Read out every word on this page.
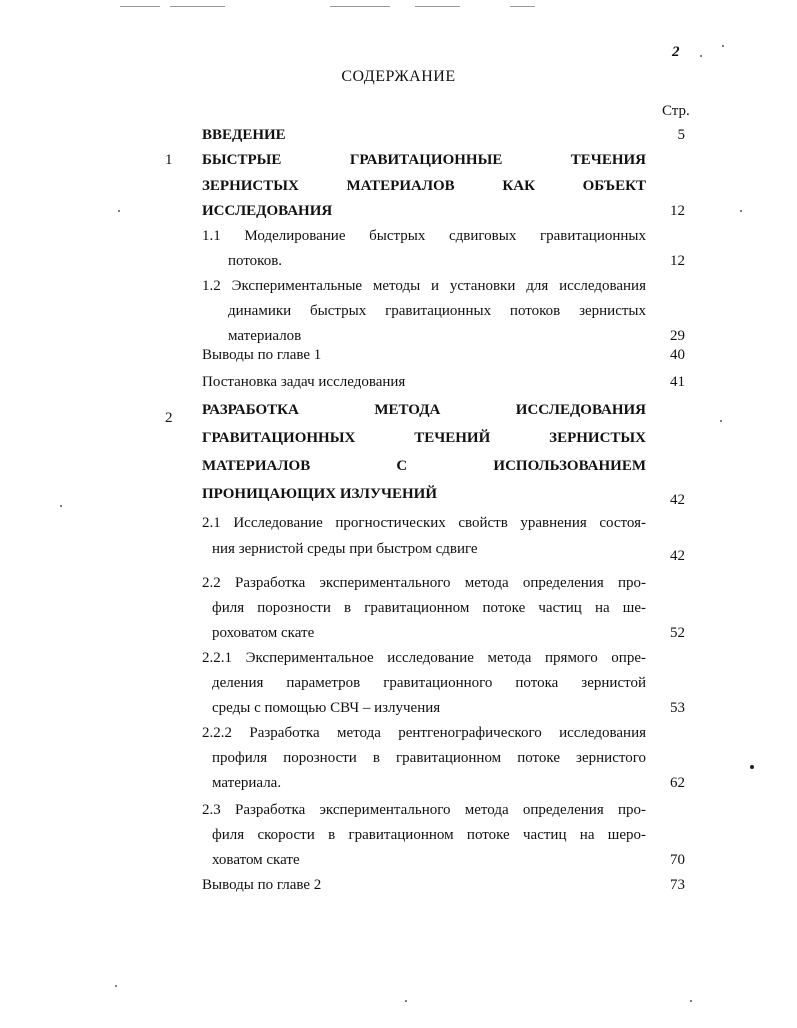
2
СОДЕРЖАНИЕ
Стр.
ВВЕДЕНИЕ	5
1 БЫСТРЫЕ ГРАВИТАЦИОННЫЕ ТЕЧЕНИЯ
ЗЕРНИСТЫХ МАТЕРИАЛОВ КАК ОБЪЕКТ
ИССЛЕДОВАНИЯ	12
1.1 Моделирование быстрых сдвиговых гравитационных
потоков.	12
1.2 Экспериментальные методы и установки для исследования
динамики быстрых гравитационных потоков зернистых
материалов	29
Выводы по главе 1	40
Постановка задач исследования	41
2 РАЗРАБОТКА МЕТОДА ИССЛЕДОВАНИЯ
ГРАВИТАЦИОННЫХ ТЕЧЕНИЙ ЗЕРНИСТЫХ
МАТЕРИАЛОВ С ИСПОЛЬЗОВАНИЕМ
ПРОНИЦАЮЩИХ ИЗЛУЧЕНИЙ	42
2.1 Исследование прогностических свойств уравнения состоя-
ния зернистой среды при быстром сдвиге	42
2.2 Разработка экспериментального метода определения про-
филя порозности в гравитационном потоке частиц на ше-
роховатом скате	52
2.2.1 Экспериментальное исследование метода прямого опре-
деления параметров гравитационного потока зернистой
среды с помощью СВЧ – излучения	53
2.2.2 Разработка метода рентгенографического исследования
профиля порозности в гравитационном потоке зернистого
материала.	62
2.3 Разработка экспериментального метода определения про-
филя скорости в гравитационном потоке частиц на шеро-
ховатом скате	70
Выводы по главе 2	73
